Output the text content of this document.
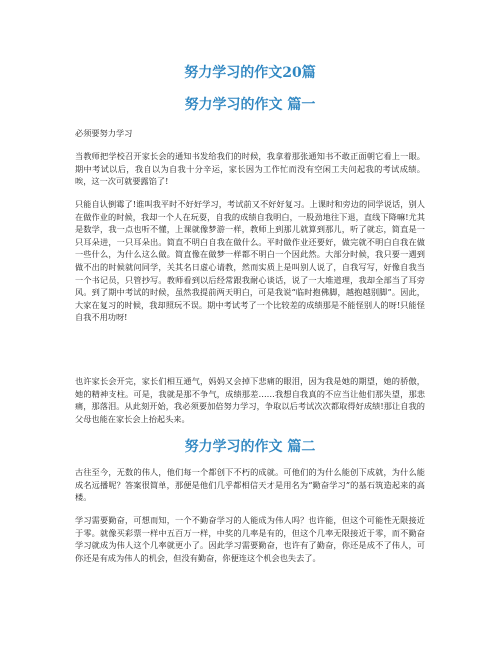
努力学习的作文20篇
努力学习的作文 篇一

必须要努力学习

当教师把学校召开家长会的通知书发给我们的时候，我拿着那张通知书不敢正面朝它看上一眼。期中考试以后，我自以为自我十分辛运，家长因为工作忙而没有空闲工夫问起我的考试成绩。唉，这一次可就要露馅了!

只能自认倒霉了!谁叫我平时不好好学习，考试前又不好好复习。上课时和旁边的同学说话，别人在做作业的时候，我却一个人在玩耍，自我的成绩自我明白，一股劲地往下退，直线下降嘛!尤其是数学，我一点也听不懂，上课就像梦游一样，教师上到那儿就算到那儿，听了就忘，简直是一只耳朵进，一只耳朵出。简直不明白自我在做什么。平时做作业还要好，做完就不明白自我在做一些什么，为什么这么做。简直像在做梦一样都不明白一个因此然。大部分时候，我只要一遇到做不出的时候就问同学，关其名日虚心请教，然而实质上是叫别人说了，自我写写，好像自我当一个书记员，只管抄写。教师看到以后经常跟我耐心谈话，说了一大堆道理，我却全部当了耳旁风。到了期中考试的时候，虽然我提前两天明白，可是我说“临时抱佛脚，越抱越别脚”。因此，大家在复习的时候，我却照玩不误。期中考试考了一个比较差的成绩那是不能怪别人的呀!只能怪自我不用功呀!

也许家长会开完，家长们相互通气，妈妈又会掉下悲痛的眼泪，因为我是她的期望，她的骄傲，她的精神支柱。可是，我就是那不争气，成绩那差……我想自我真的不应当让他们那失望，那悲痛，那落泪。从此刻开始，我必须要加倍努力学习，争取以后考试次次都取得好成绩!那让自我的父母也能在家长会上抬起头来。

努力学习的作文 篇二

古往至今，无数的伟人，他们每一个都创下不朽的成就。可他们的为什么能创下成就，为什么能成名远播呢？答案很简单，那便是他们几乎都相信天才是用名为“勤奋学习”的基石筑造起来的高楼。

学习需要勤奋，可想而知，一个不勤奋学习的人能成为伟人吗？也许能，但这个可能性无限接近于零。就像买彩票一样中五百万一样，中奖的几率是有的，但这个几率无限接近于零，而不勤奋学习就成为伟人这个几率就更小了。因此学习需要勤奋，也许有了勤奋，你还是成不了伟人，可你还是有成为伟人的机会，但没有勤奋，你便连这个机会也失去了。
